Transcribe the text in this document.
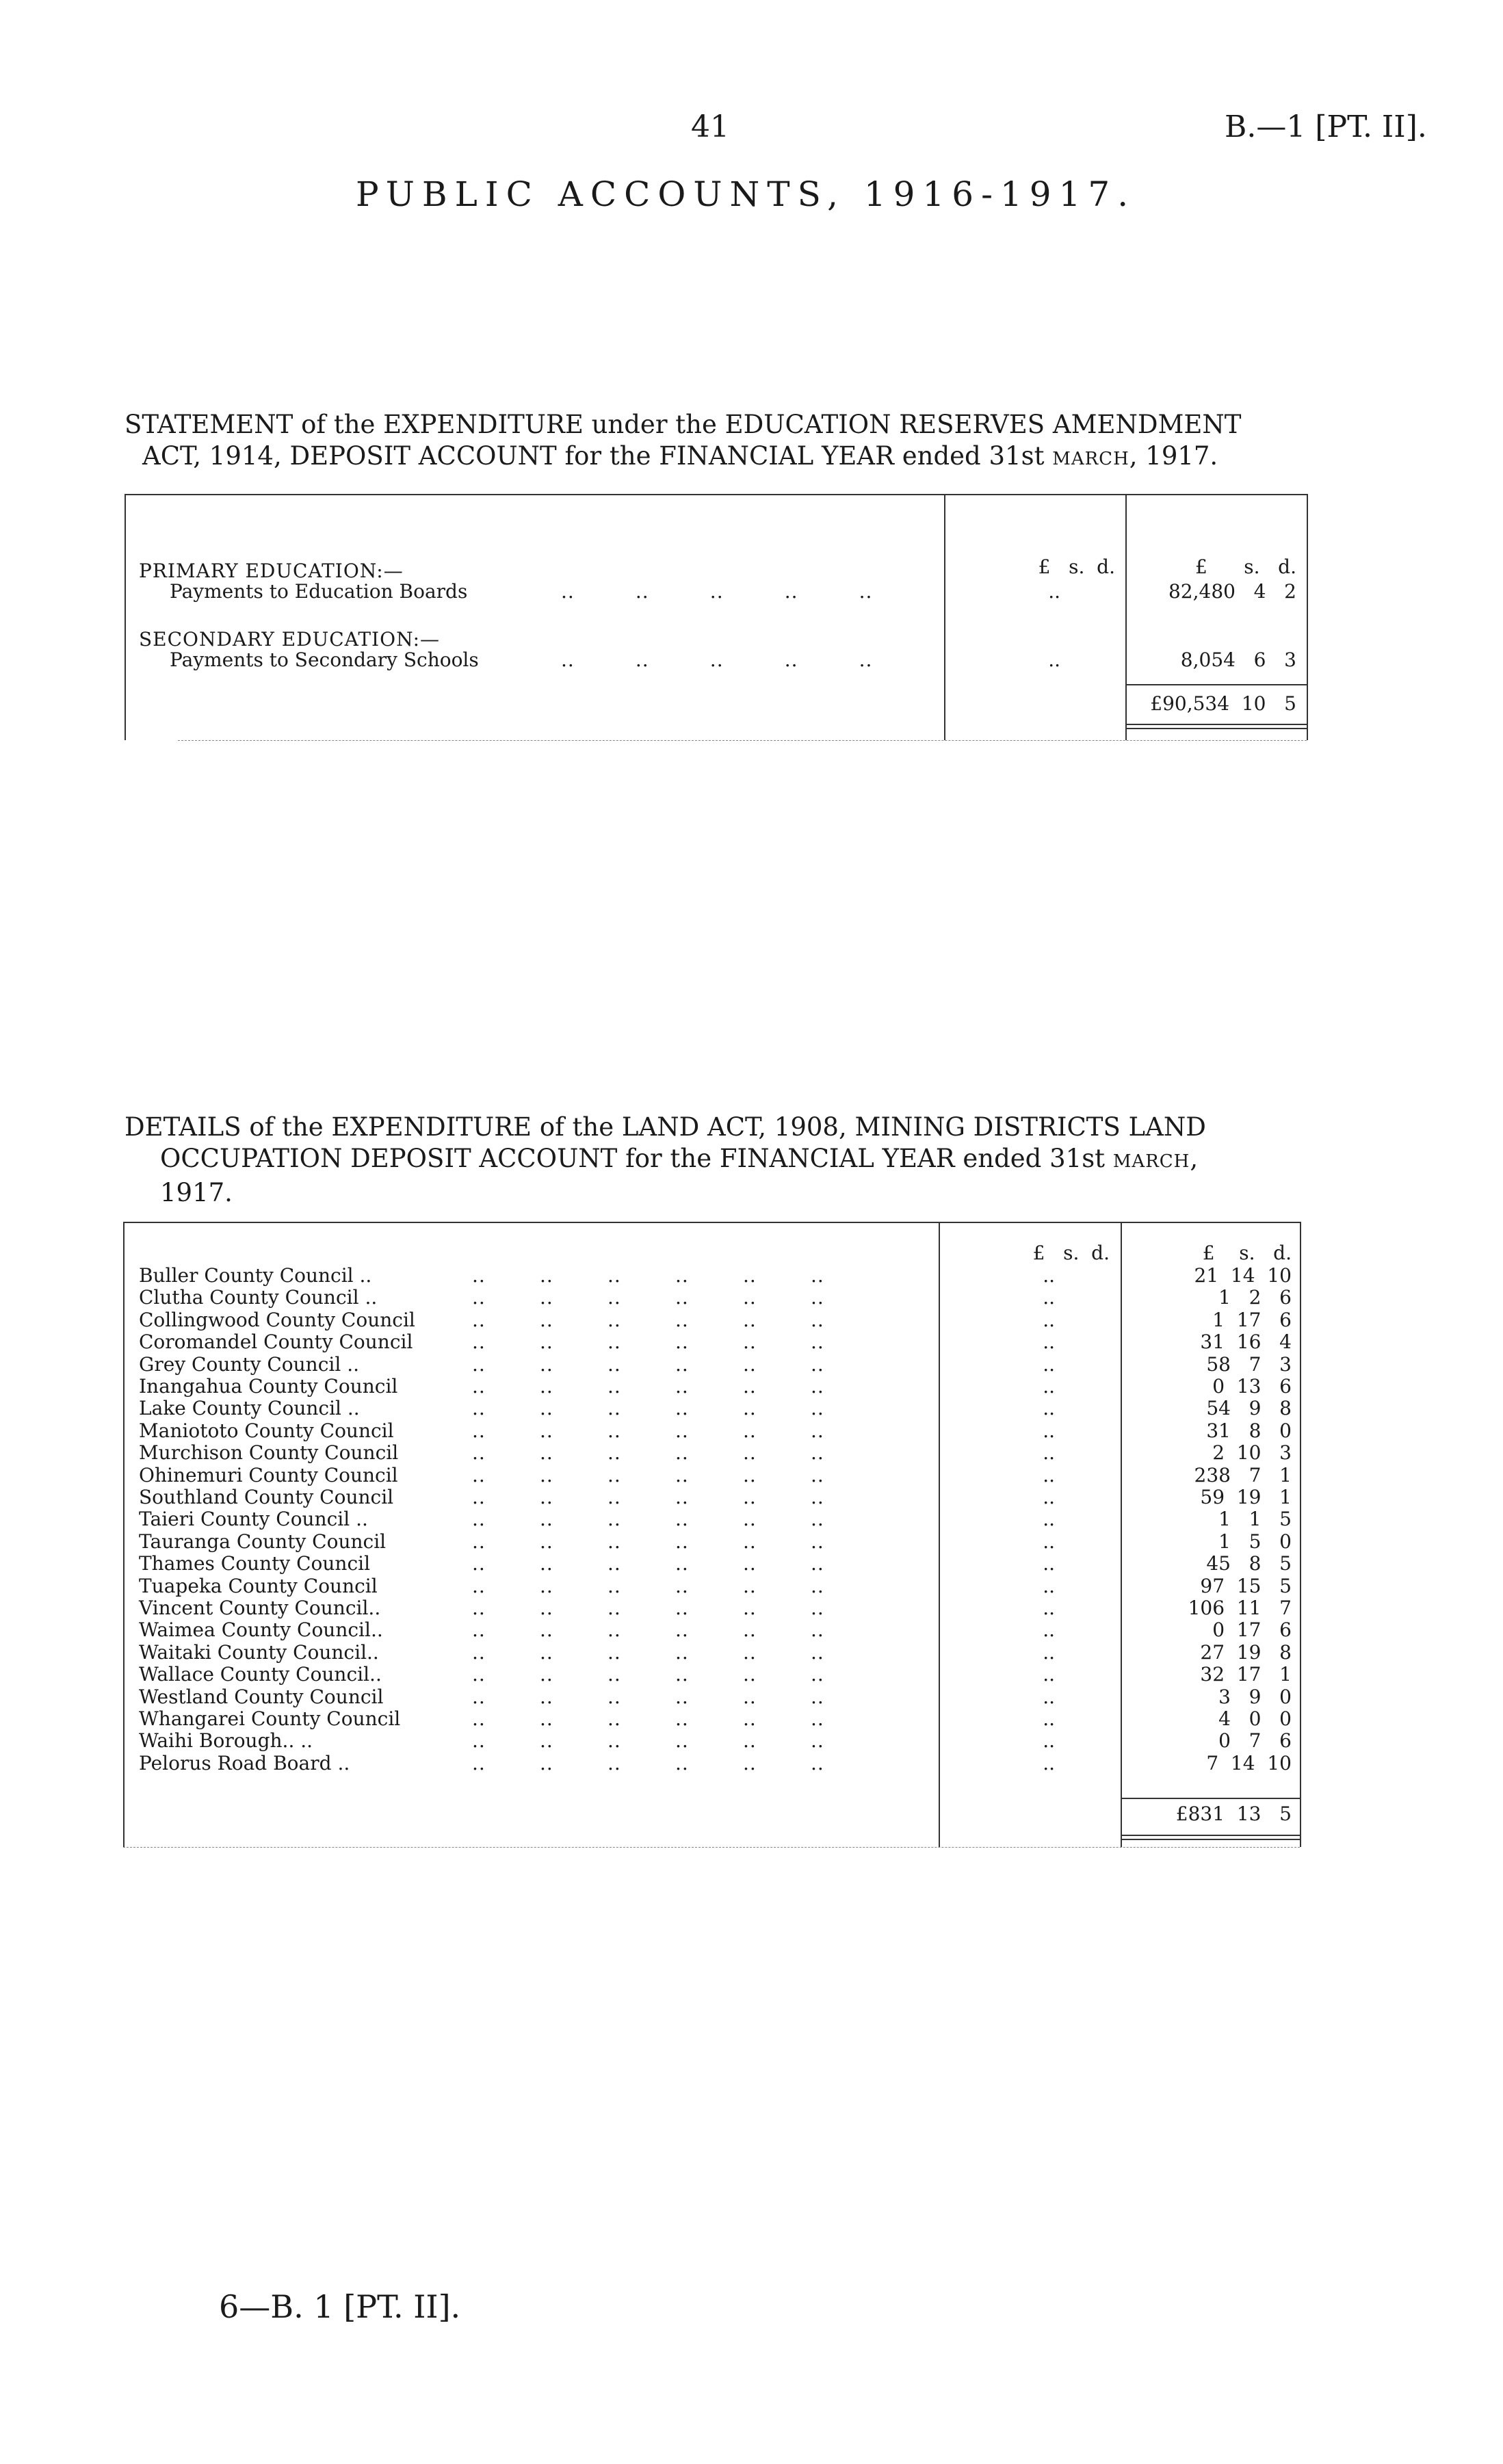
41	B.—1 [PT. II].
PUBLIC ACCOUNTS, 1916-1917.
STATEMENT of the EXPENDITURE under the EDUCATION RESERVES AMENDMENT
ACT, 1914, DEPOSIT ACCOUNT for the FINANCIAL YEAR ended 31st MARCH, 1917.
£   s.  d.	£      s.   d.
PRIMARY EDUCATION:—
Payments to Education Boards	..         ..         ..         ..         ..	..	82,480   4   2
SECONDARY EDUCATION:—
Payments to Secondary Schools	..         ..         ..         ..         ..	..	8,054   6   3
£90,534  10   5
DETAILS of the EXPENDITURE of the LAND ACT, 1908, MINING DISTRICTS LAND
OCCUPATION DEPOSIT ACCOUNT for the FINANCIAL YEAR ended 31st MARCH,
1917.
£   s.  d.	£    s.   d.
Buller County Council ..	..        ..        ..        ..        ..        ..	..	21  14  10
Clutha County Council ..	..        ..        ..        ..        ..        ..	..	1   2   6
Collingwood County Council	..        ..        ..        ..        ..        ..	..	1  17   6
Coromandel County Council	..        ..        ..        ..        ..        ..	..	31  16   4
Grey County Council ..	..        ..        ..        ..        ..        ..	..	58   7   3
Inangahua County Council	..        ..        ..        ..        ..        ..	..	0  13   6
Lake County Council ..	..        ..        ..        ..        ..        ..	..	54   9   8
Maniototo County Council	..        ..        ..        ..        ..        ..	..	31   8   0
Murchison County Council	..        ..        ..        ..        ..        ..	..	2  10   3
Ohinemuri County Council	..        ..        ..        ..        ..        ..	..	238   7   1
Southland County Council	..        ..        ..        ..        ..        ..	..	59  19   1
Taieri County Council ..	..        ..        ..        ..        ..        ..	..	1   1   5
Tauranga County Council	..        ..        ..        ..        ..        ..	..	1   5   0
Thames County Council	..        ..        ..        ..        ..        ..	..	45   8   5
Tuapeka County Council	..        ..        ..        ..        ..        ..	..	97  15   5
Vincent County Council..	..        ..        ..        ..        ..        ..	..	106  11   7
Waimea County Council..	..        ..        ..        ..        ..        ..	..	0  17   6
Waitaki County Council..	..        ..        ..        ..        ..        ..	..	27  19   8
Wallace County Council..	..        ..        ..        ..        ..        ..	..	32  17   1
Westland County Council	..        ..        ..        ..        ..        ..	..	3   9   0
Whangarei County Council	..        ..        ..        ..        ..        ..	..	4   0   0
Waihi Borough.. ..	..        ..        ..        ..        ..        ..	..	0   7   6
Pelorus Road Board ..	..        ..        ..        ..        ..        ..	..	7  14  10
£831  13   5
6—B. 1 [PT. II].
